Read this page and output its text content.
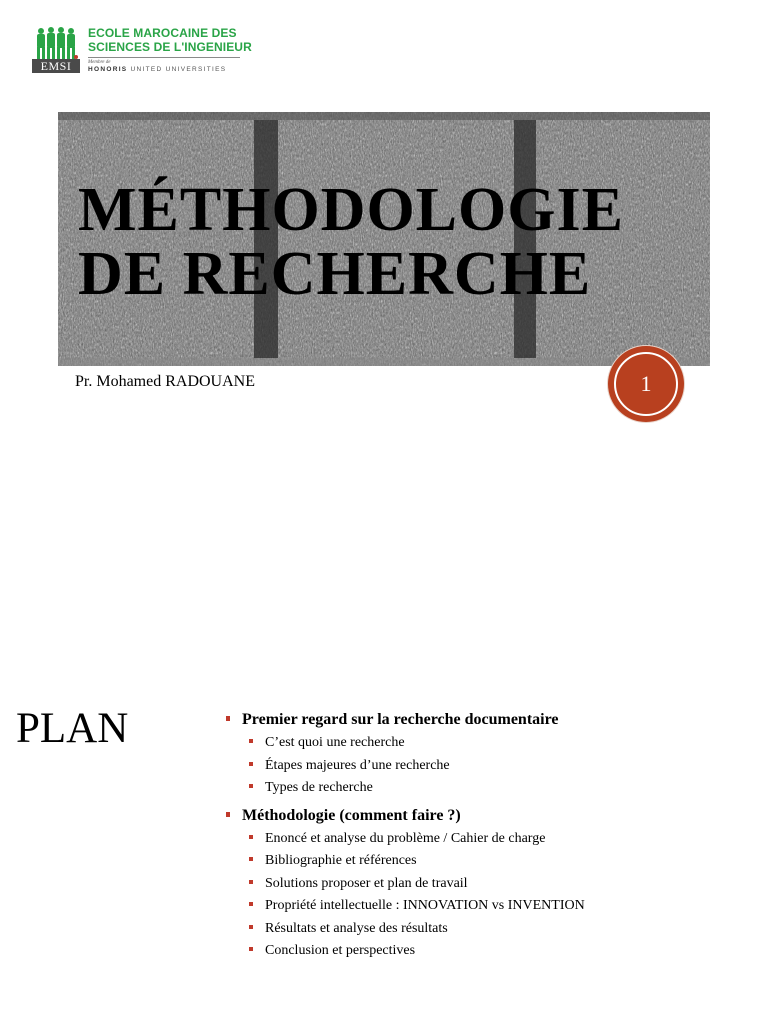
EMSI
ECOLE MAROCAINE DES
SCIENCES DE L'INGENIEUR
Membre de
HONORIS UNITED UNIVERSITIES
MÉTHODOLOGIE
DE RECHERCHE
Pr. Mohamed RADOUANE	1
PLAN	Premier regard sur la recherche documentaire
C’est quoi une recherche
Étapes majeures d’une recherche
Types de recherche
Méthodologie (comment faire ?)
Enoncé et analyse du problème / Cahier de charge
Bibliographie et références
Solutions proposer et plan de travail
Propriété intellectuelle : INNOVATION vs INVENTION
Résultats et analyse des résultats
Conclusion et perspectives
